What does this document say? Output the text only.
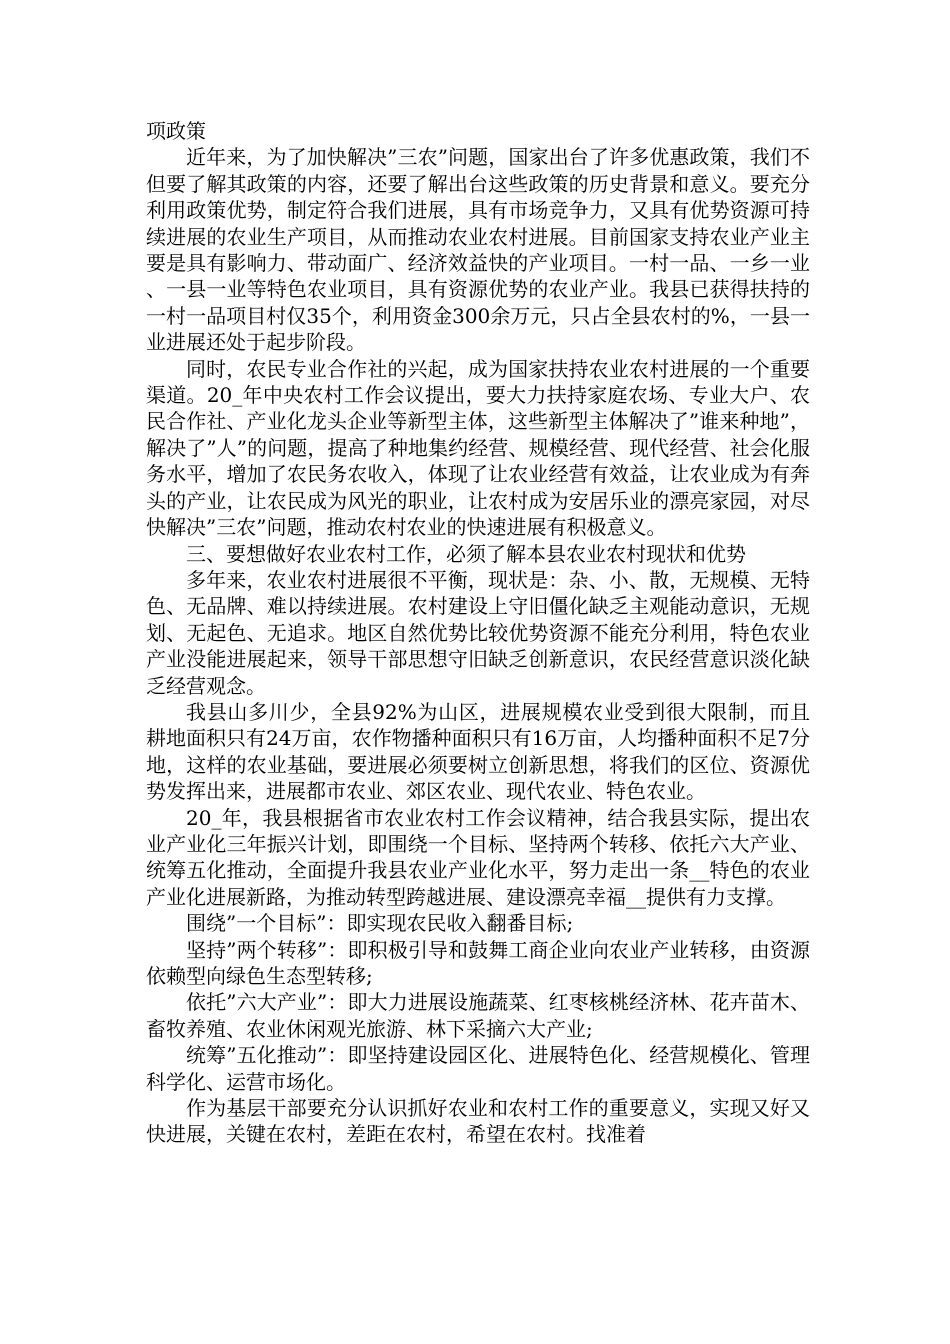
项政策

近年来，为了加快解决”三农”问题，国家出台了许多优惠政策，我们不但要了解其政策的内容，还要了解出台这些政策的历史背景和意义。要充分利用政策优势，制定符合我们进展，具有市场竞争力，又具有优势资源可持续进展的农业生产项目，从而推动农业农村进展。目前国家支持农业产业主要是具有影响力、带动面广、经济效益快的产业项目。一村一品、一乡一业、一县一业等特色农业项目，具有资源优势的农业产业。我县已获得扶持的一村一品项目村仅35个，利用资金300余万元，只占全县农村的%，一县一业进展还处于起步阶段。

同时，农民专业合作社的兴起，成为国家扶持农业农村进展的一个重要渠道。20_年中央农村工作会议提出，要大力扶持家庭农场、专业大户、农民合作社、产业化龙头企业等新型主体，这些新型主体解决了”谁来种地”，解决了”人”的问题，提高了种地集约经营、规模经营、现代经营、社会化服务水平，增加了农民务农收入，体现了让农业经营有效益，让农业成为有奔头的产业，让农民成为风光的职业，让农村成为安居乐业的漂亮家园，对尽快解决”三农”问题，推动农村农业的快速进展有积极意义。

三、要想做好农业农村工作，必须了解本县农业农村现状和优势

多年来，农业农村进展很不平衡，现状是：杂、小、散，无规模、无特色、无品牌、难以持续进展。农村建设上守旧僵化缺乏主观能动意识，无规划、无起色、无追求。地区自然优势比较优势资源不能充分利用，特色农业产业没能进展起来，领导干部思想守旧缺乏创新意识，农民经营意识淡化缺乏经营观念。

我县山多川少，全县92%为山区，进展规模农业受到很大限制，而且耕地面积只有24万亩，农作物播种面积只有16万亩，人均播种面积不足7分地，这样的农业基础，要进展必须要树立创新思想，将我们的区位、资源优势发挥出来，进展都市农业、郊区农业、现代农业、特色农业。

20_年，我县根据省市农业农村工作会议精神，结合我县实际，提出农业产业化三年振兴计划，即围绕一个目标、坚持两个转移、依托六大产业、统筹五化推动，全面提升我县农业产业化水平，努力走出一条__特色的农业产业化进展新路，为推动转型跨越进展、建设漂亮幸福__提供有力支撑。

围绕”一个目标”：即实现农民收入翻番目标;

坚持”两个转移”：即积极引导和鼓舞工商企业向农业产业转移，由资源依赖型向绿色生态型转移;

依托”六大产业”：即大力进展设施蔬菜、红枣核桃经济林、花卉苗木、畜牧养殖、农业休闲观光旅游、林下采摘六大产业;

统筹”五化推动”：即坚持建设园区化、进展特色化、经营规模化、管理科学化、运营市场化。

作为基层干部要充分认识抓好农业和农村工作的重要意义，实现又好又快进展，关键在农村，差距在农村，希望在农村。找准着
